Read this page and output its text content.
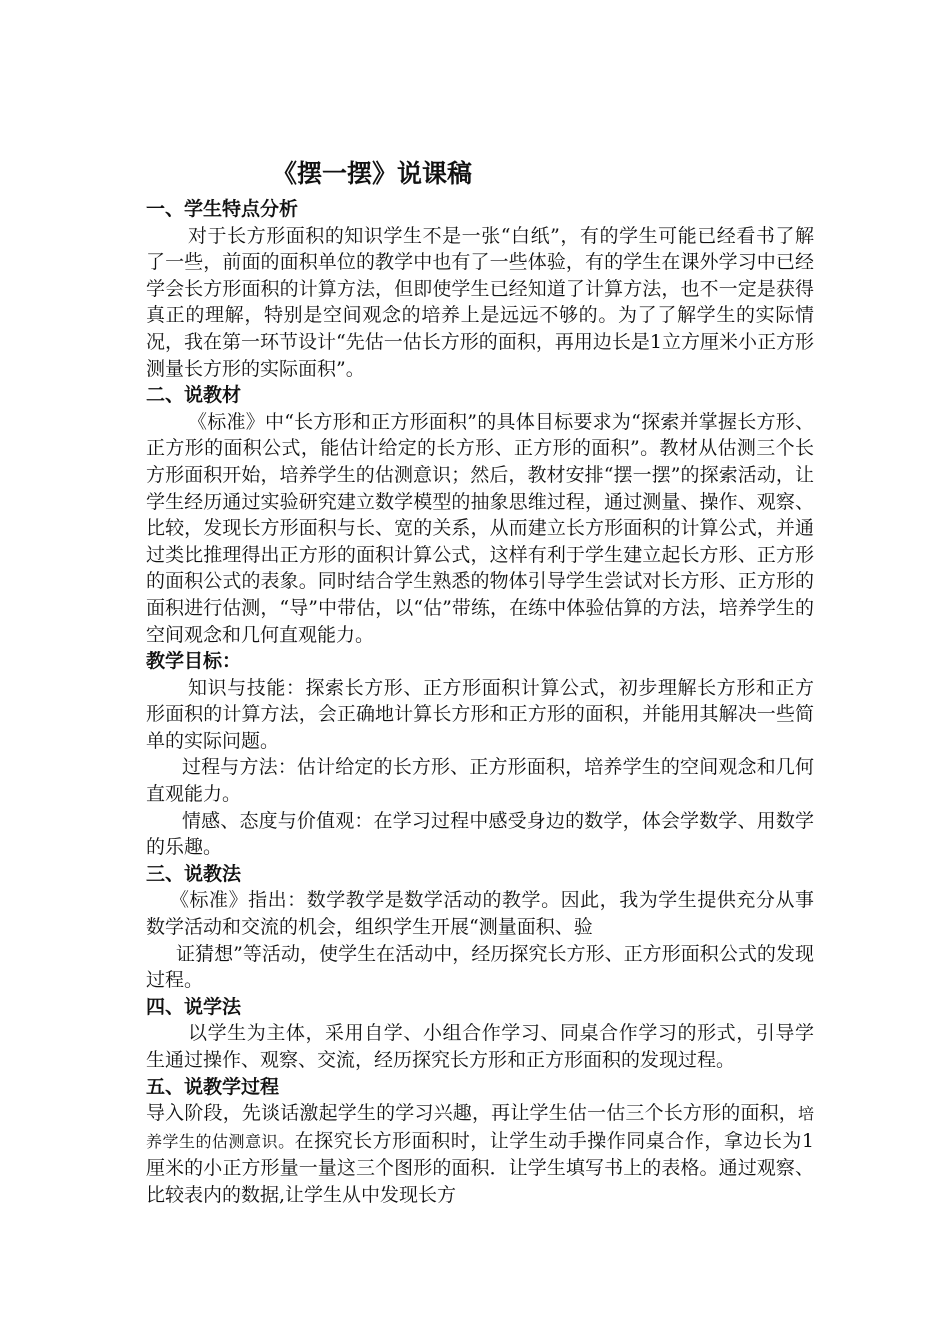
《摆一摆》说课稿

一、学生特点分析

对于长方形面积的知识学生不是一张“白纸”，有的学生可能已经看书了解了一些，前面的面积单位的教学中也有了一些体验，有的学生在课外学习中已经学会长方形面积的计算方法，但即使学生已经知道了计算方法，也不一定是获得真正的理解，特别是空间观念的培养上是远远不够的。为了了解学生的实际情况，我在第一环节设计“先估一估长方形的面积，再用边长是1立方厘米小正方形测量长方形的实际面积”。

二、说教材

《标准》中“长方形和正方形面积”的具体目标要求为“探索并掌握长方形、正方形的面积公式，能估计给定的长方形、正方形的面积”。教材从估测三个长方形面积开始，培养学生的估测意识；然后，教材安排“摆一摆”的探索活动，让学生经历通过实验研究建立数学模型的抽象思维过程，通过测量、操作、观察、比较，发现长方形面积与长、宽的关系，从而建立长方形面积的计算公式，并通过类比推理得出正方形的面积计算公式，这样有利于学生建立起长方形、正方形的面积公式的表象。同时结合学生熟悉的物体引导学生尝试对长方形、正方形的面积进行估测，“导”中带估，以“估”带练，在练中体验估算的方法，培养学生的空间观念和几何直观能力。

教学目标：

知识与技能：探索长方形、正方形面积计算公式，初步理解长方形和正方形面积的计算方法，会正确地计算长方形和正方形的面积，并能用其解决一些简单的实际问题。

过程与方法：估计给定的长方形、正方形面积，培养学生的空间观念和几何直观能力。

情感、态度与价值观：在学习过程中感受身边的数学，体会学数学、用数学的乐趣。

三、说教法

《标准》指出：数学教学是数学活动的教学。因此，我为学生提供充分从事数学活动和交流的机会，组织学生开展“测量面积、验

证猜想”等活动，使学生在活动中，经历探究长方形、正方形面积公式的发现过程。

四、说学法

以学生为主体，采用自学、小组合作学习、同桌合作学习的形式，引导学生通过操作、观察、交流，经历探究长方形和正方形面积的发现过程。

五、说教学过程

导入阶段，先谈话激起学生的学习兴趣，再让学生估一估三个长方形的面积，培养学生的估测意识。在探究长方形面积时，让学生动手操作同桌合作，拿边长为1厘米的小正方形量一量这三个图形的面积．让学生填写书上的表格。通过观察、比较表内的数据,让学生从中发现长方
